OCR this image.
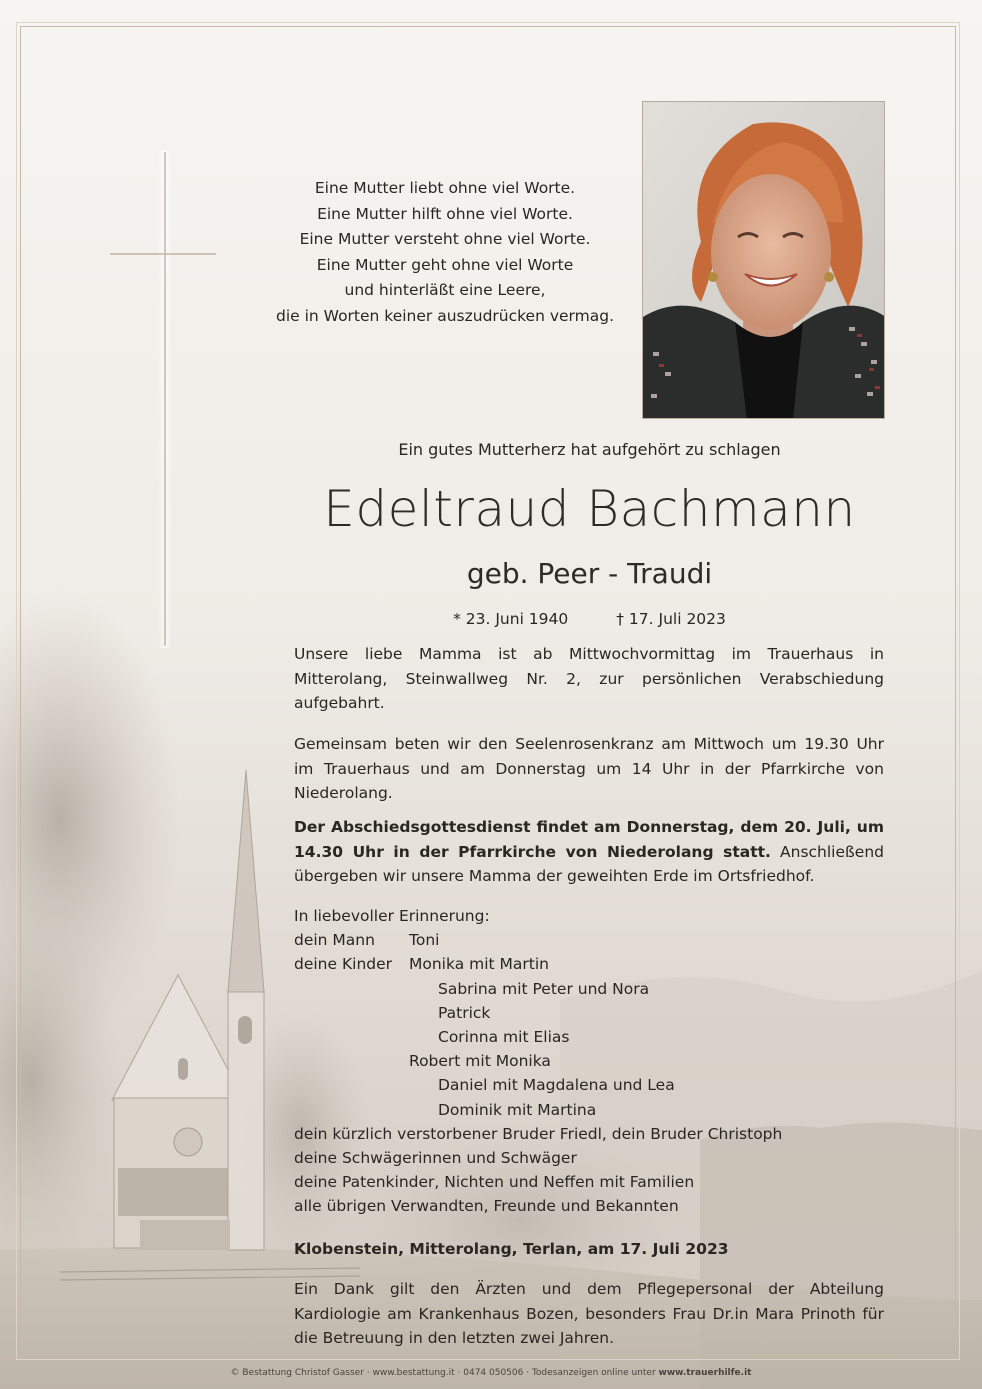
Eine Mutter liebt ohne viel Worte.
Eine Mutter hilft ohne viel Worte.
Eine Mutter versteht ohne viel Worte.
Eine Mutter geht ohne viel Worte
und hinterläßt eine Leere,
die in Worten keiner auszudrücken vermag.
Ein gutes Mutterherz hat aufgehört zu schlagen
Edeltraud Bachmann
geb. Peer - Traudi
* 23. Juni 1940	† 17. Juli 2023
Unsere liebe Mamma ist ab Mittwochvormittag im Trauerhaus in
Mitterolang, Steinwallweg Nr. 2, zur persönlichen Verabschiedung
aufgebahrt.
Gemeinsam beten wir den Seelenrosenkranz am Mittwoch um 19.30 Uhr
im Trauerhaus und am Donnerstag um 14 Uhr in der Pfarrkirche von
Niederolang.
Der Abschiedsgottesdienst findet am Donnerstag, dem 20. Juli, um
14.30 Uhr in der Pfarrkirche von Niederolang statt. Anschließend
übergeben wir unsere Mamma der geweihten Erde im Ortsfriedhof.
In liebevoller Erinnerung:
dein Mann Toni
deine Kinder Monika mit Martin
Sabrina mit Peter und Nora
Patrick
Corinna mit Elias
Robert mit Monika
Daniel mit Magdalena und Lea
Dominik mit Martina
dein kürzlich verstorbener Bruder Friedl, dein Bruder Christoph
deine Schwägerinnen und Schwäger
deine Patenkinder, Nichten und Neffen mit Familien
alle übrigen Verwandten, Freunde und Bekannten
Klobenstein, Mitterolang, Terlan, am 17. Juli 2023
Ein Dank gilt den Ärzten und dem Pflegepersonal der Abteilung
Kardiologie am Krankenhaus Bozen, besonders Frau Dr.in Mara Prinoth für
die Betreuung in den letzten zwei Jahren.
© Bestattung Christof Gasser · www.bestattung.it · 0474 050506 · Todesanzeigen online unter www.trauerhilfe.it
